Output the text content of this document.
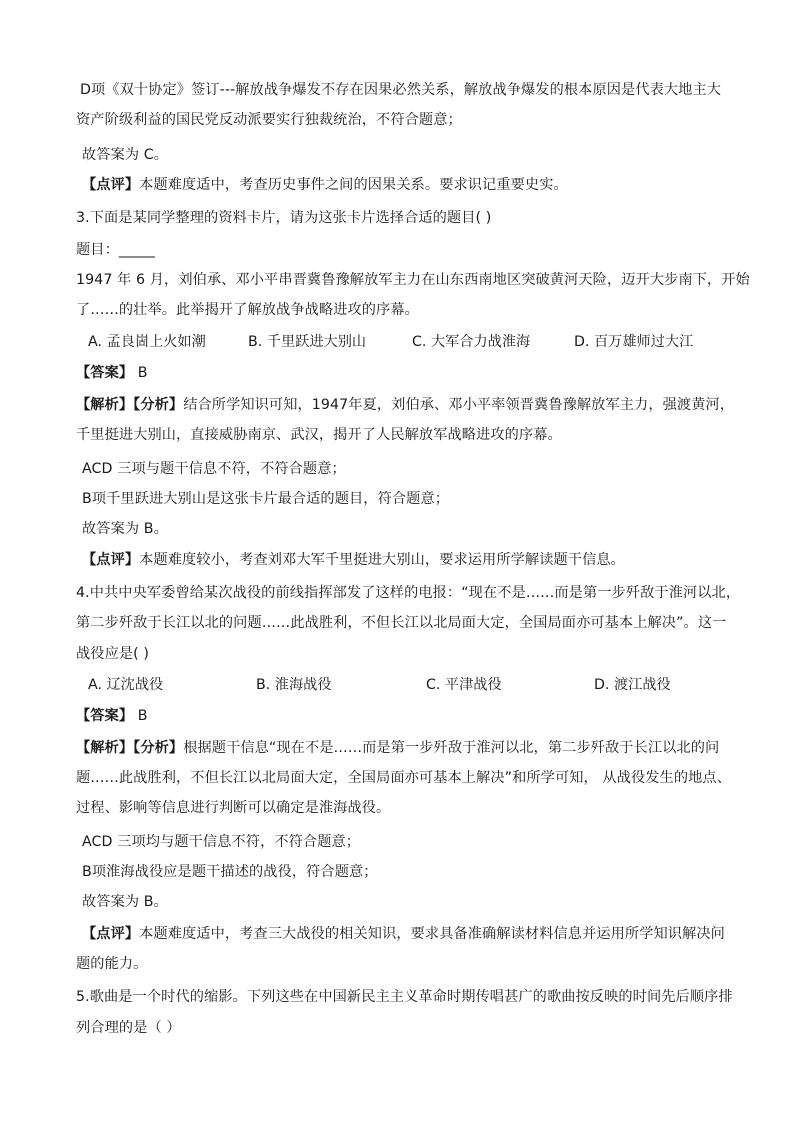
D项《双十协定》签订---解放战争爆发不存在因果必然关系，解放战争爆发的根本原因是代表大地主大
资产阶级利益的国民党反动派要实行独裁统治，不符合题意；
故答案为 C。
【点评】本题难度适中，考查历史事件之间的因果关系。要求识记重要史实。
3.下面是某同学整理的资料卡片，请为这张卡片选择合适的题目( )
题目：_____
1947 年 6 月，刘伯承、邓小平串晋冀鲁豫解放军主力在山东西南地区突破黄河天险，迈开大步南下，开始
了……的壮举。此举揭开了解放战争战略进攻的序幕。
A. 孟良崮上火如潮	B. 千里跃进大别山	C. 大军合力战淮海	D. 百万雄师过大江
【答案】 B
【解析】【分析】结合所学知识可知，1947年夏，刘伯承、邓小平率领晋冀鲁豫解放军主力，强渡黄河，
千里挺进大别山，直接威胁南京、武汉，揭开了人民解放军战略进攻的序幕。
ACD 三项与题干信息不符，不符合题意；
B项千里跃进大别山是这张卡片最合适的题目，符合题意；
故答案为 B。
【点评】本题难度较小，考查刘邓大军千里挺进大别山，要求运用所学解读题干信息。
4.中共中央军委曾给某次战役的前线指挥部发了这样的电报：“现在不是……而是第一步歼敌于淮河以北，
第二步歼敌于长江以北的问题……此战胜利，不但长江以北局面大定，全国局面亦可基本上解决”。这一
战役应是( )
A. 辽沈战役	B. 淮海战役	C. 平津战役	D. 渡江战役
【答案】 B
【解析】【分析】根据题干信息“现在不是……而是第一步歼敌于淮河以北，第二步歼敌于长江以北的问
题……此战胜利，不但长江以北局面大定，全国局面亦可基本上解决”和所学可知， 从战役发生的地点、
过程、影响等信息进行判断可以确定是淮海战役。
ACD 三项均与题干信息不符，不符合题意；
B项淮海战役应是题干描述的战役，符合题意；
故答案为 B。
【点评】本题难度适中，考查三大战役的相关知识，要求具备准确解读材料信息并运用所学知识解决问
题的能力。
5.歌曲是一个时代的缩影。下列这些在中国新民主主义革命时期传唱甚广的歌曲按反映的时间先后顺序排
列合理的是（ ）
